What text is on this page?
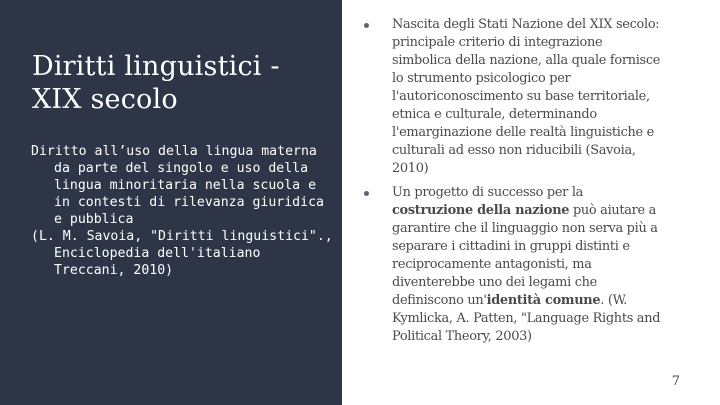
Diritti linguistici - XIX secolo

Diritto all’uso della lingua materna da parte del singolo e uso della lingua minoritaria nella scuola e in contesti di rilevanza giuridica e pubblica

(L. M. Savoia, "Diritti linguistici"., Enciclopedia dell'italiano Treccani, 2010)

Nascita degli Stati Nazione del XIX secolo: principale criterio di integrazione simbolica della nazione, alla quale fornisce lo strumento psicologico per l'autoriconoscimento su base territoriale, etnica e culturale, determinando l'emarginazione delle realtà linguistiche e culturali ad esso non riducibili (Savoia, 2010)
Un progetto di successo per la costruzione della nazione può aiutare a garantire che il linguaggio non serva più a separare i cittadini in gruppi distinti e reciprocamente antagonisti, ma diventerebbe uno dei legami che definiscono un'identità comune. (W. Kymlicka, A. Patten, "Language Rights and Political Theory, 2003)
7
